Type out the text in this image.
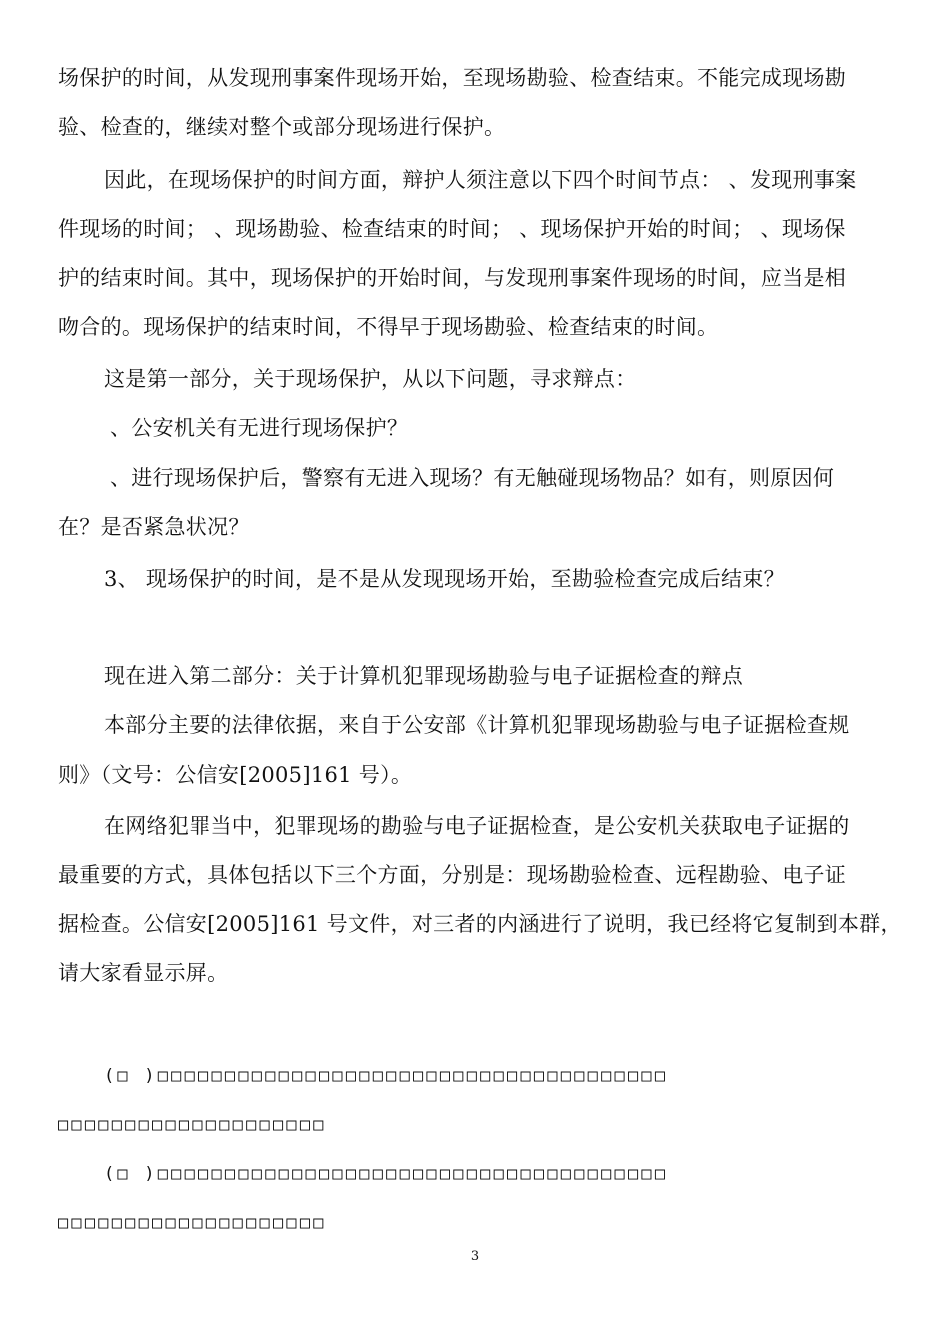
场保护的时间，从发现刑事案件现场开始，至现场勘验、检查结束。不能完成现场勘
验、检查的，继续对整个或部分现场进行保护。
因此，在现场保护的时间方面，辩护人须注意以下四个时间节点： 、发现刑事案
件现场的时间； 、现场勘验、检查结束的时间； 、现场保护开始的时间； 、现场保
护的结束时间。其中，现场保护的开始时间，与发现刑事案件现场的时间，应当是相
吻合的。现场保护的结束时间，不得早于现场勘验、检查结束的时间。
这是第一部分，关于现场保护，从以下问题，寻求辩点：
、公安机关有无进行现场保护？
、进行现场保护后，警察有无进入现场？有无触碰现场物品？如有，则原因何
在？是否紧急状况？
3、 现场保护的时间，是不是从发现现场开始，至勘验检查完成后结束？
现在进入第二部分：关于计算机犯罪现场勘验与电子证据检查的辩点
本部分主要的法律依据，来自于公安部《计算机犯罪现场勘验与电子证据检查规
则》（文号：公信安[2005]161 号）。
在网络犯罪当中，犯罪现场的勘验与电子证据检查，是公安机关获取电子证据的
最重要的方式，具体包括以下三个方面，分别是：现场勘验检查、远程勘验、电子证
据检查。公信安[2005]161 号文件，对三者的内涵进行了说明，我已经将它复制到本群，
请大家看显示屏。
(□ )□□□□□□□□□□□□□□□□□□□□□□□□□□□□□□□□□□□□□□
□□□□□□□□□□□□□□□□□□□□
(□ )□□□□□□□□□□□□□□□□□□□□□□□□□□□□□□□□□□□□□□
□□□□□□□□□□□□□□□□□□□□
3
